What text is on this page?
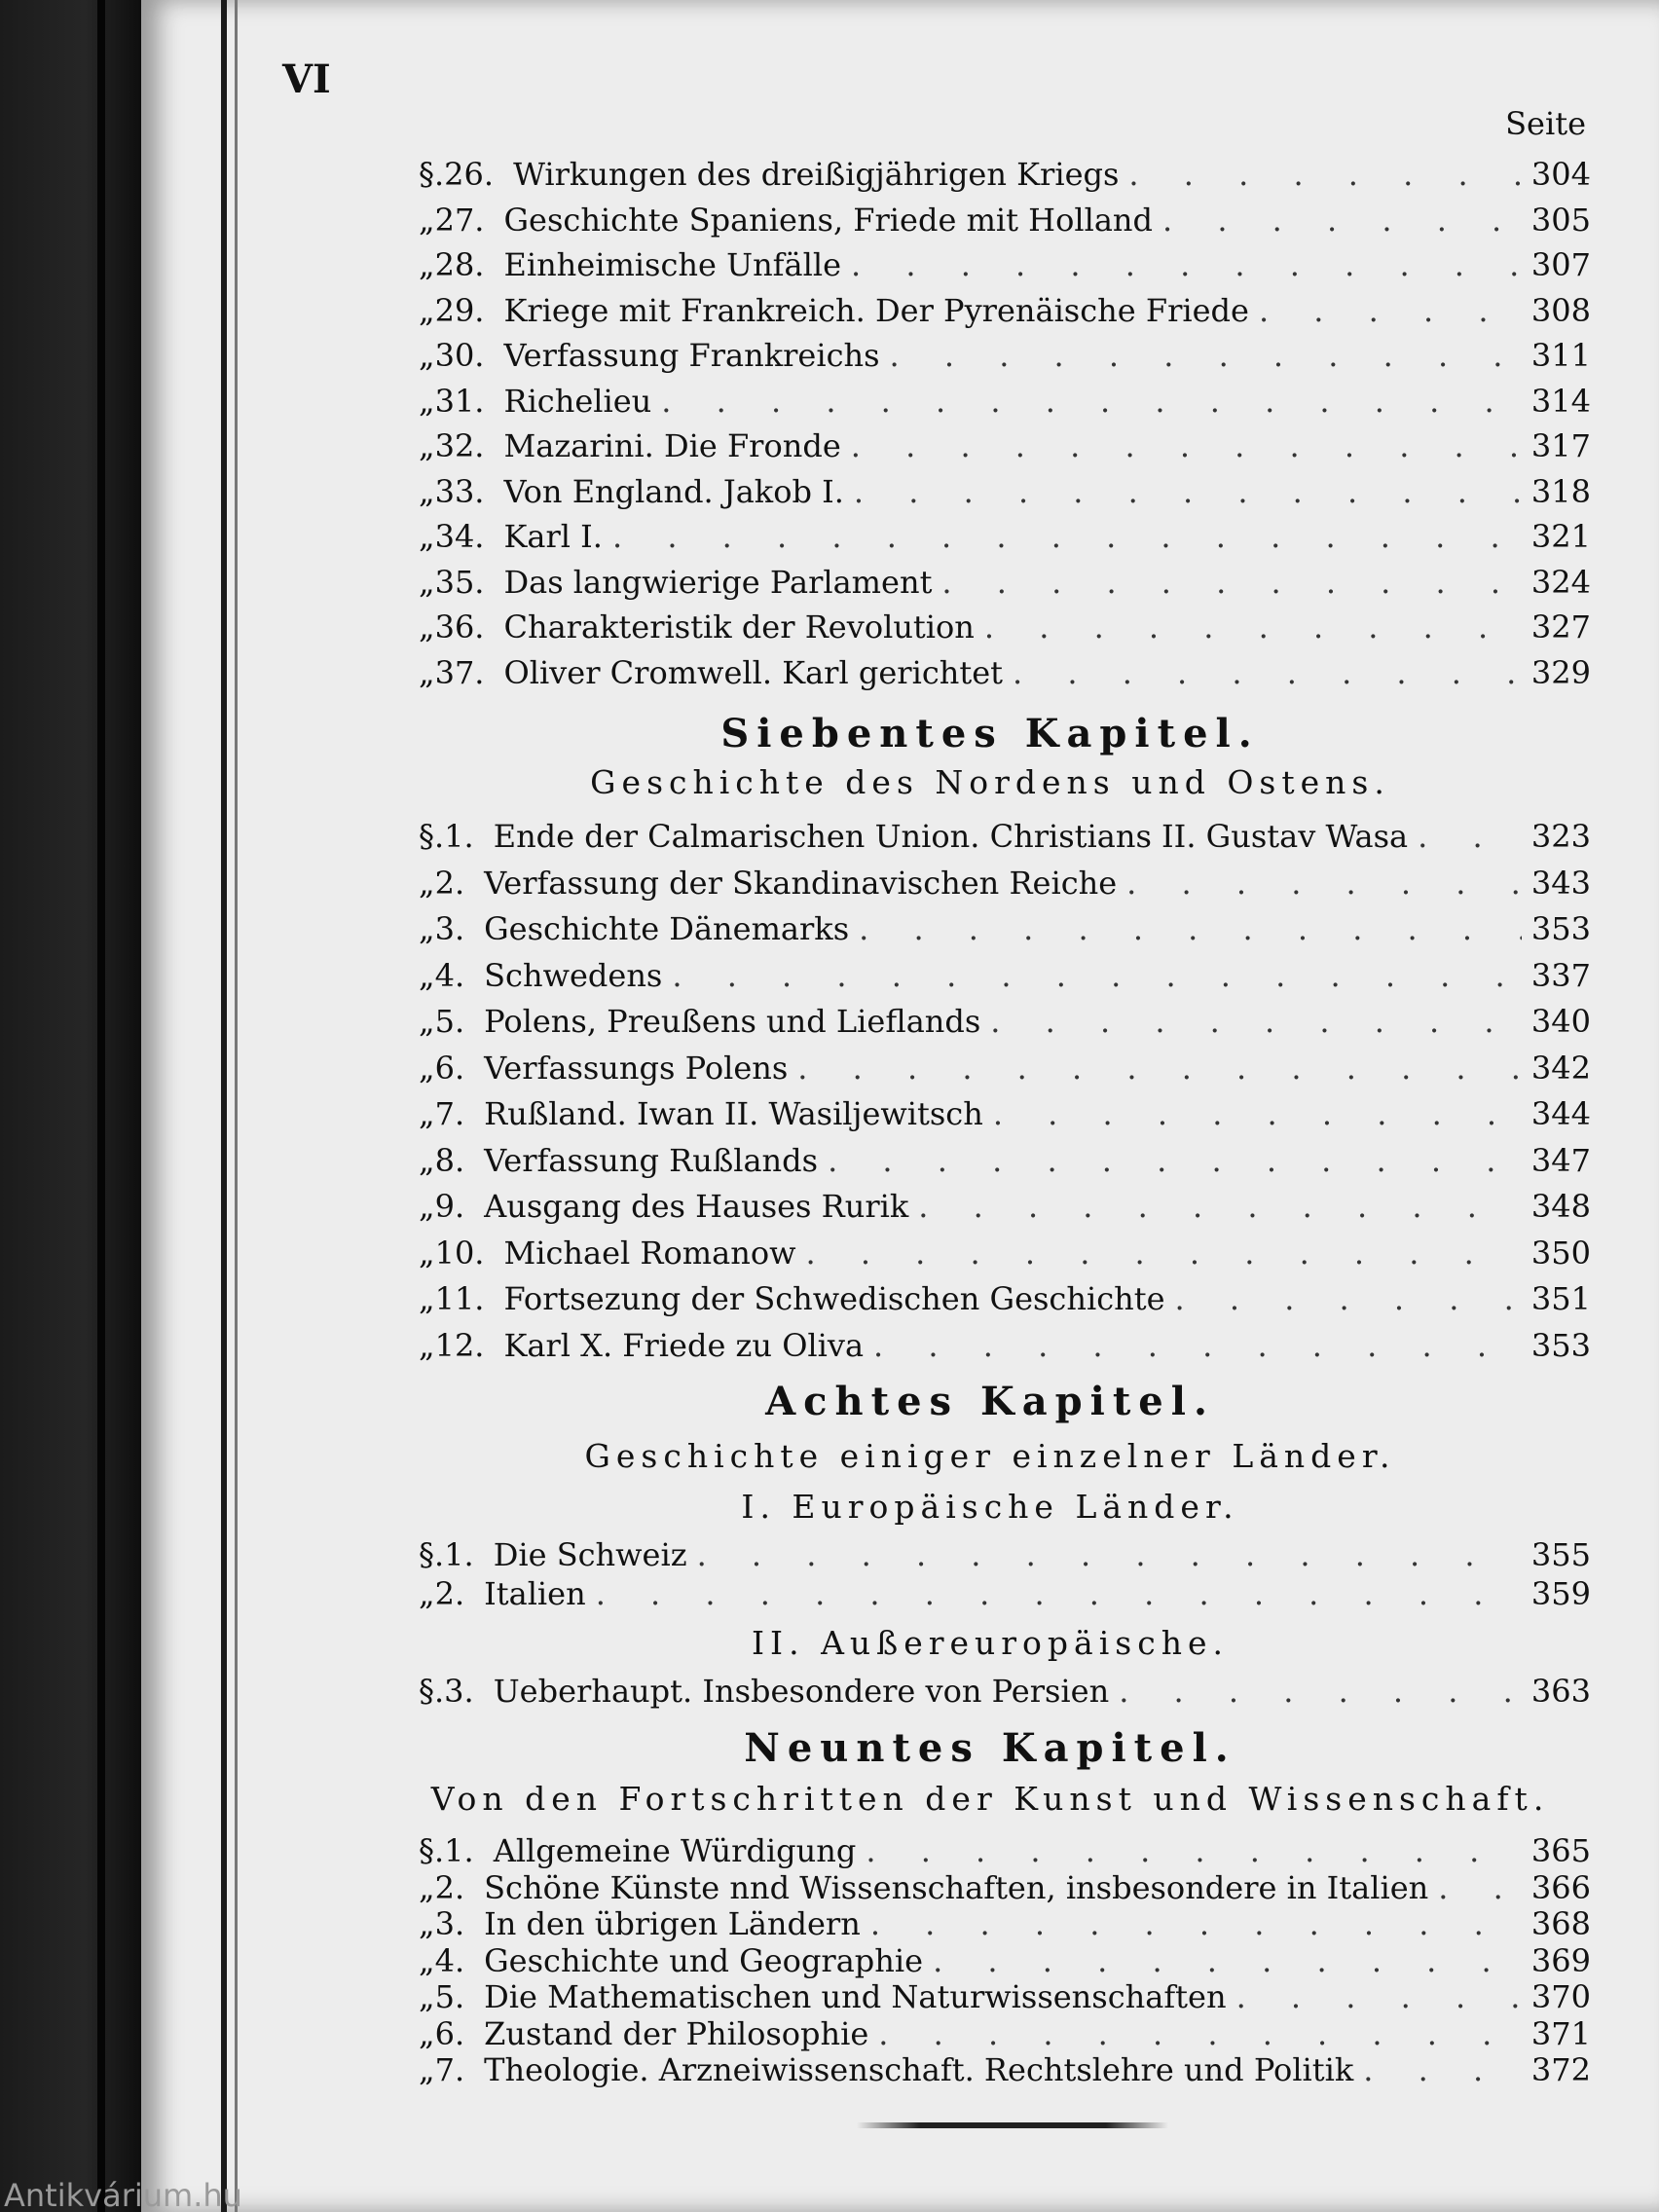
VI
Seite
§. 26. Wirkungen des dreißigjährigen Kriegs . . .	304
„ 27. Geschichte Spaniens, Friede mit Holland . . .	305
„ 28. Einheimische Unfälle . . .	307
„ 29. Kriege mit Frankreich. Der Pyrenäische Friede . . .	308
„ 30. Verfassung Frankreichs . . .	311
„ 31. Richelieu . . .	314
„ 32. Mazarini. Die Fronde . . .	317
„ 33. Von England. Jakob I. . . .	318
„ 34. Karl I. . . .	321
„ 35. Das langwierige Parlament . . .	324
„ 36. Charakteristik der Revolution . . .	327
„ 37. Oliver Cromwell. Karl gerichtet . . .	329
Siebentes Kapitel.
Geschichte des Nordens und Ostens.
§. 1. Ende der Calmarischen Union. Christians II. Gustav Wasa . . .	323
„ 2. Verfassung der Skandinavischen Reiche . . .	343
„ 3. Geschichte Dänemarks . . .	353
„ 4. Schwedens . . .	337
„ 5. Polens, Preußens und Lieflands . . .	340
„ 6. Verfassungs Polens . . .	342
„ 7. Rußland. Iwan II. Wasiljewitsch . . .	344
„ 8. Verfassung Rußlands . . .	347
„ 9. Ausgang des Hauses Rurik . . .	348
„ 10. Michael Romanow . . .	350
„ 11. Fortsezung der Schwedischen Geschichte . . .	351
„ 12. Karl X. Friede zu Oliva . . .	353
Achtes Kapitel.
Geschichte einiger einzelner Länder.
I. Europäische Länder.
§. 1. Die Schweiz . . .	355
„ 2. Italien . . .	359
II. Außereuropäische.
§. 3. Ueberhaupt. Insbesondere von Persien . . .	363
Neuntes Kapitel.
Von den Fortschritten der Kunst und Wissenschaft.
§. 1. Allgemeine Würdigung . . .	365
„ 2. Schöne Künste nnd Wissenschaften, insbesondere in Italien . . .	366
„ 3. In den übrigen Ländern . . .	368
„ 4. Geschichte und Geographie . . .	369
„ 5. Die Mathematischen und Naturwissenschaften . . .	370
„ 6. Zustand der Philosophie . . .	371
„ 7. Theologie. Arzneiwissenschaft. Rechtslehre und Politik . . .	372
Antikvárium.hu
